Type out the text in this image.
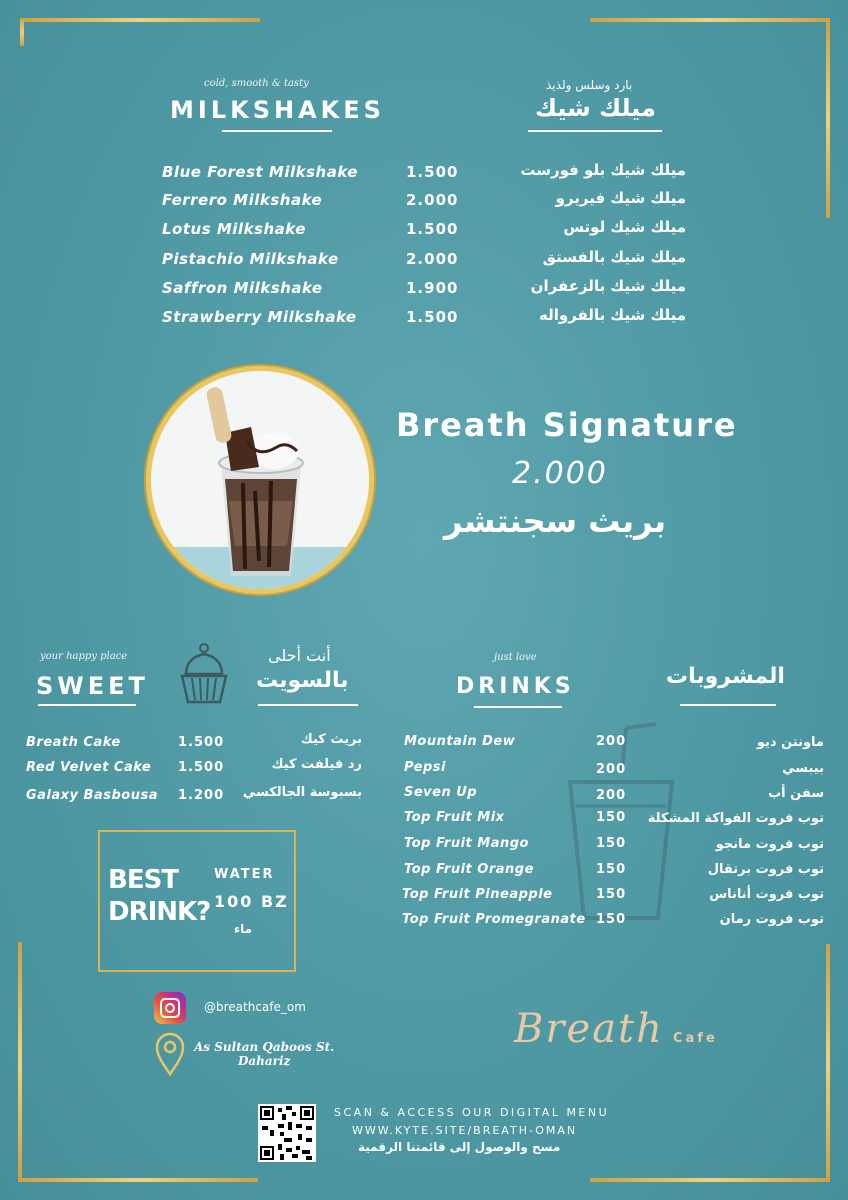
cold, smooth & tasty
MILKSHAKES
بارد وسلس ولذيذ
ميلك شيك
Blue Forest Milkshake	1.500	ميلك شيك بلو فورست
Ferrero Milkshake	2.000	ميلك شيك فيريرو
Lotus Milkshake	1.500	ميلك شيك لوتس
Pistachio Milkshake	2.000	ميلك شيك بالفستق
Saffron Milkshake	1.900	ميلك شيك بالزعفران
Strawberry Milkshake	1.500	ميلك شيك بالفرواله
Breath Signature
2.000
بريث سجنتشر
your happy place
SWEET
أنت أحلى
بالسويت
Breath Cake	1.500	بريث كيك
Red Velvet Cake 1.500	رد فيلفت كيك
Galaxy Basbousa 1.200 بسبوسة الجالكسي
just love
DRINKS	المشروبات
Mountain Dew	200	ماونتن ديو
Pepsi	200	بيبسي
Seven Up	200	سفن أب
Top Fruit Mix	150 توب فروت الفواكة المشكلة
Top Fruit Mango	150	توب فروت مانجو
Top Fruit Orange	150	توب فروت برتقال
Top Fruit Pineapple	150	توب فروت أناناس
Top Fruit Promegranate 150	توب فروت رمان
BEST
DRINK?
WATER
100 BZ
ماء
@breathcafe_om
As Sultan Qaboos St.
Dahariz
Breath Cafe
SCAN & ACCESS OUR DIGITAL MENU
WWW.KYTE.SITE/BREATH-OMAN
مسح والوصول إلى قائمتنا الرقمية
